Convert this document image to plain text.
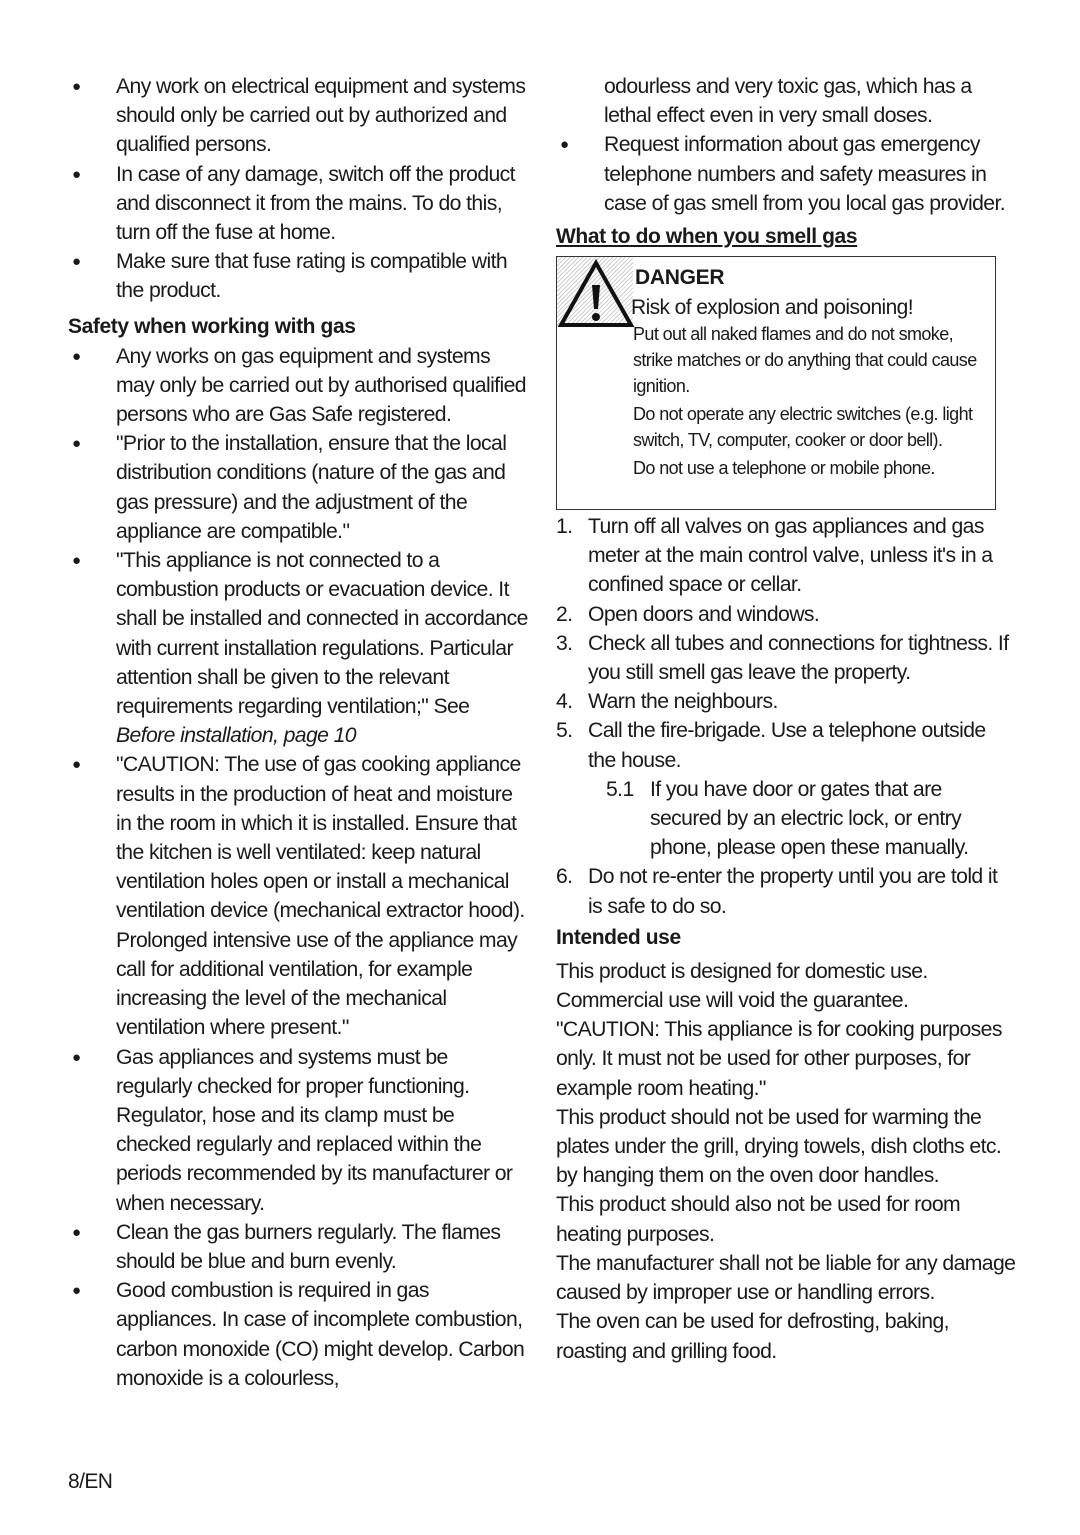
● Any work on electrical equipment and systems should only be carried out by authorized and qualified persons.
● In case of any damage, switch off the product and disconnect it from the mains. To do this, turn off the fuse at home.
● Make sure that fuse rating is compatible with the product.
Safety when working with gas
● Any works on gas equipment and systems may only be carried out by authorised qualified persons who are Gas Safe registered.
● "Prior to the installation, ensure that the local distribution conditions (nature of the gas and gas pressure) and the adjustment of the appliance are compatible."
● "This appliance is not connected to a combustion products or evacuation device. It shall be installed and connected in accordance with current installation regulations. Particular attention shall be given to the relevant requirements regarding ventilation;" See Before installation, page 10
● "CAUTION: The use of gas cooking appliance results in the production of heat and moisture in the room in which it is installed. Ensure that the kitchen is well ventilated: keep natural ventilation holes open or install a mechanical ventilation device (mechanical extractor hood). Prolonged intensive use of the appliance may call for additional ventilation, for example increasing the level of the mechanical ventilation where present."
● Gas appliances and systems must be regularly checked for proper functioning. Regulator, hose and its clamp must be checked regularly and replaced within the periods recommended by its manufacturer or when necessary.
● Clean the gas burners regularly. The flames should be blue and burn evenly.
● Good combustion is required in gas appliances. In case of incomplete combustion, carbon monoxide (CO) might develop. Carbon monoxide is a colourless,
odourless and very toxic gas, which has a lethal effect even in very small doses.
● Request information about gas emergency telephone numbers and safety measures in case of gas smell from you local gas provider.
What to do when you smell gas
DANGER
Risk of explosion and poisoning!

Put out all naked flames and do not smoke, strike matches or do anything that could cause ignition.

Do not operate any electric switches (e.g. light switch, TV, computer, cooker or door bell).

Do not use a telephone or mobile phone.

1. Turn off all valves on gas appliances and gas meter at the main control valve, unless it's in a confined space or cellar.
2. Open doors and windows.
3. Check all tubes and connections for tightness. If you still smell gas leave the property.
4. Warn the neighbours.
5. Call the fire-brigade. Use a telephone outside the house.
5.1 If you have door or gates that are secured by an electric lock, or entry phone, please open these manually.
6. Do not re-enter the property until you are told it is safe to do so.
Intended use

This product is designed for domestic use. Commercial use will void the guarantee.

"CAUTION: This appliance is for cooking purposes only. It must not be used for other purposes, for example room heating."

This product should not be used for warming the plates under the grill, drying towels, dish cloths etc. by hanging them on the oven door handles.

This product should also not be used for room heating purposes.

The manufacturer shall not be liable for any damage caused by improper use or handling errors.

The oven can be used for defrosting, baking, roasting and grilling food.

8/EN
